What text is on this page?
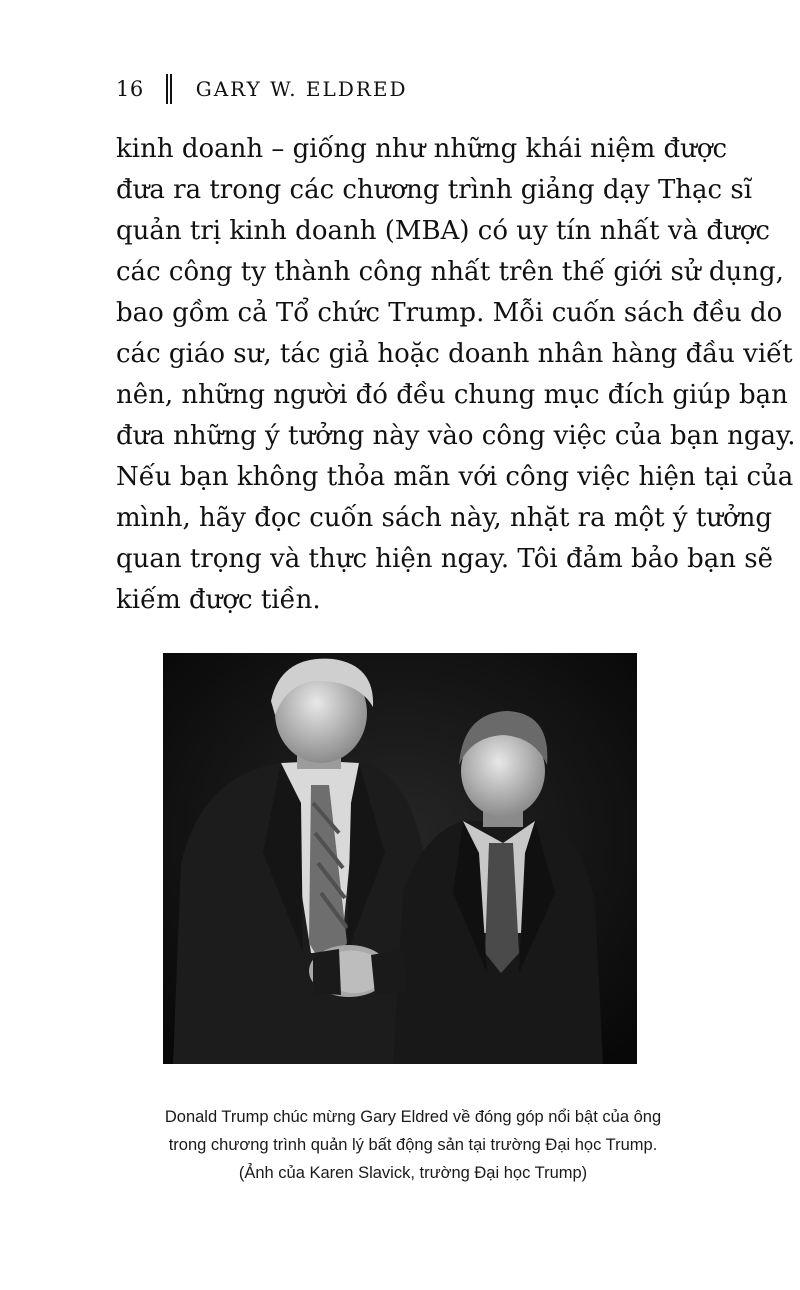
16	GARY W. ELDRED
kinh doanh – giống như những khái niệm được
đưa ra trong các chương trình giảng dạy Thạc sĩ
quản trị kinh doanh (MBA) có uy tín nhất và được
các công ty thành công nhất trên thế giới sử dụng,
bao gồm cả Tổ chức Trump. Mỗi cuốn sách đều do
các giáo sư, tác giả hoặc doanh nhân hàng đầu viết
nên, những người đó đều chung mục đích giúp bạn
đưa những ý tưởng này vào công việc của bạn ngay.
Nếu bạn không thỏa mãn với công việc hiện tại của
mình, hãy đọc cuốn sách này, nhặt ra một ý tưởng
quan trọng và thực hiện ngay. Tôi đảm bảo bạn sẽ
kiếm được tiền.
Donald Trump chúc mừng Gary Eldred về đóng góp nổi bật của ông
trong chương trình quản lý bất động sản tại trường Đại học Trump.
(Ảnh của Karen Slavick, trường Đại học Trump)
